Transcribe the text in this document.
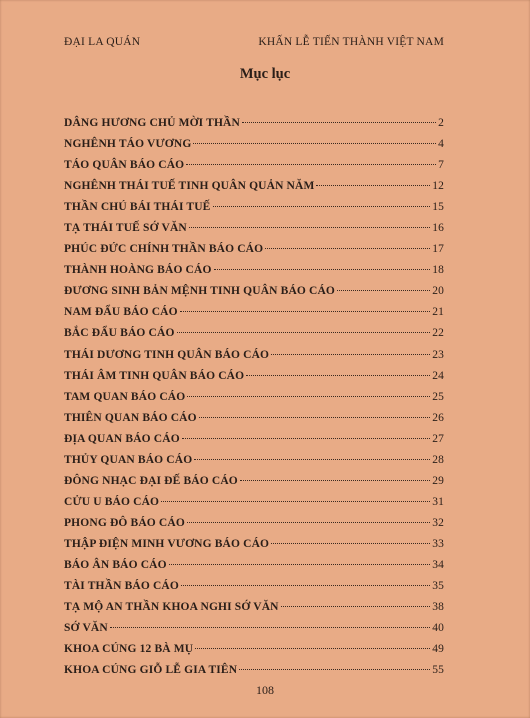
ĐẠI LA QUÁN	KHẤN LỄ TIẾN THÀNH VIỆT NAM
Mục lục
DÂNG HƯƠNG CHỦ MỜI THẦN	2
NGHÊNH TÁO VƯƠNG	4
TÁO QUÂN BÁO CÁO	7
NGHÊNH THÁI TUẾ TINH QUÂN QUẢN NĂM	12
THẦN CHÚ BÁI THÁI TUẾ	15
TẠ THÁI TUẾ SỚ VĂN	16
PHÚC ĐỨC CHÍNH THẦN BÁO CÁO	17
THÀNH HOÀNG BÁO CÁO	18
ĐƯƠNG SINH BẢN MỆNH TINH QUÂN BÁO CÁO	20
NAM ĐẨU BÁO CÁO	21
BẮC ĐẨU BÁO CÁO	22
THÁI DƯƠNG TINH QUÂN BÁO CÁO	23
THÁI ÂM TINH QUÂN BÁO CÁO	24
TAM QUAN BÁO CÁO	25
THIÊN QUAN BÁO CÁO	26
ĐỊA QUAN BÁO CÁO	27
THỦY QUAN BÁO CÁO	28
ĐÔNG NHẠC ĐẠI ĐẾ BÁO CÁO	29
CỬU U BÁO CÁO	31
PHONG ĐÔ BÁO CÁO	32
THẬP ĐIỆN MINH VƯƠNG BÁO CÁO	33
BÁO ÂN BÁO CÁO	34
TÀI THẦN BÁO CÁO	35
TẠ MỘ AN THẦN KHOA NGHI SỚ VĂN	38
SỚ VĂN	40
KHOA CÚNG 12 BÀ MỤ	49
KHOA CÚNG GIỖ LỄ GIA TIÊN	55
108
